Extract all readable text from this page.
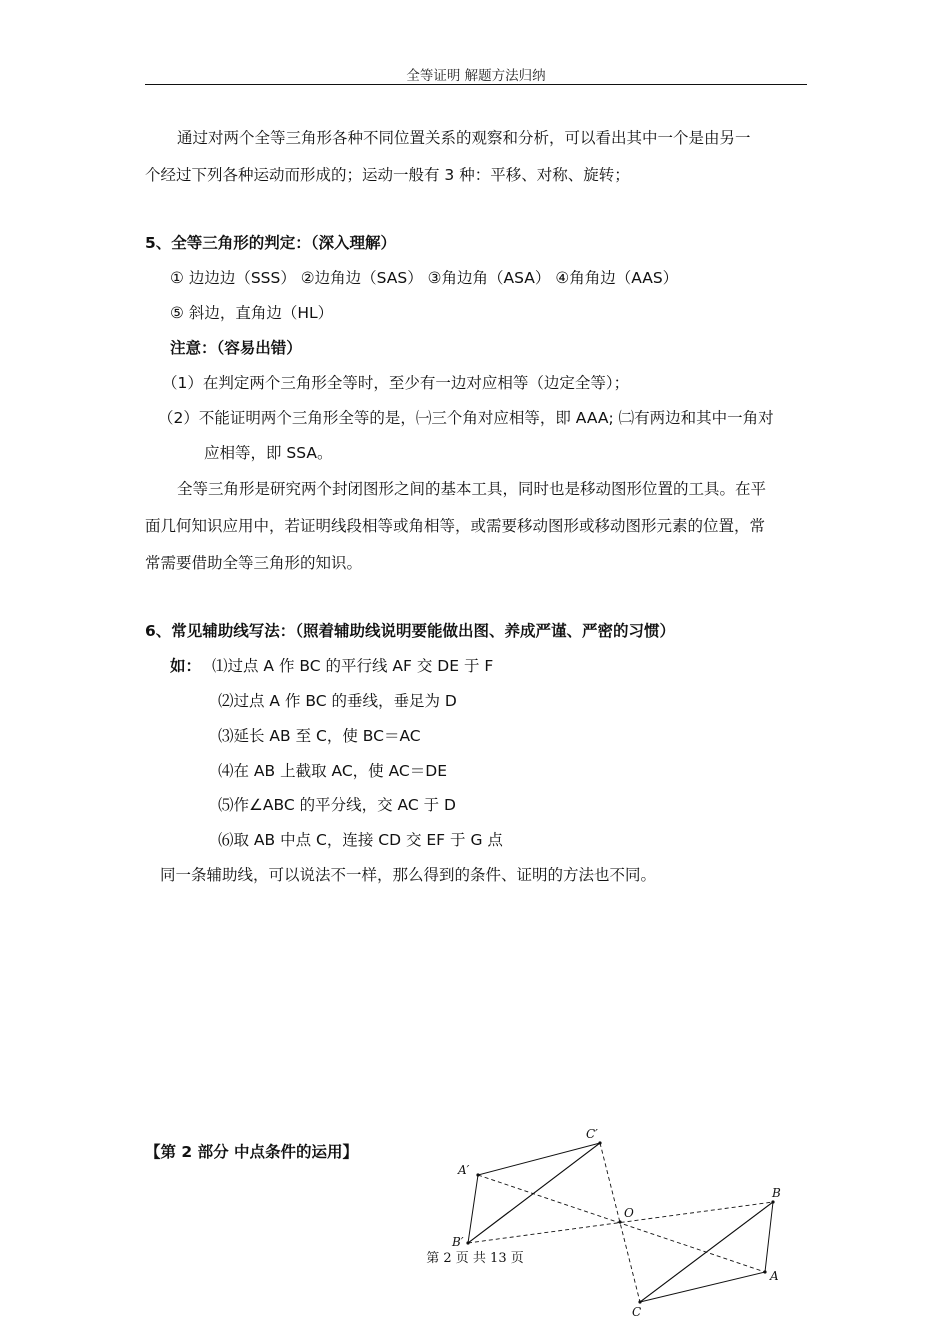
全等证明 解题方法归纳
通过对两个全等三角形各种不同位置关系的观察和分析，可以看出其中一个是由另一
个经过下列各种运动而形成的；运动一般有 3 种：平移、对称、旋转；
5、全等三角形的判定：（深入理解）
① 边边边（SSS） ②边角边（SAS） ③角边角（ASA） ④角角边（AAS）
⑤ 斜边，直角边（HL）
注意：（容易出错）
（1）在判定两个三角形全等时，至少有一边对应相等（边定全等）；
（2）不能证明两个三角形全等的是，㈠三个角对应相等，即 AAA; ㈡有两边和其中一角对
应相等，即 SSA。
全等三角形是研究两个封闭图形之间的基本工具，同时也是移动图形位置的工具。在平
面几何知识应用中，若证明线段相等或角相等，或需要移动图形或移动图形元素的位置，常
常需要借助全等三角形的知识。
6、常见辅助线写法：（照着辅助线说明要能做出图、养成严谨、严密的习惯）
如： ⑴过点 A 作 BC 的平行线 AF 交 DE 于 F
⑵过点 A 作 BC 的垂线，垂足为 D
⑶延长 AB 至 C，使 BC＝AC
⑷在 AB 上截取 AC，使 AC＝DE
⑸作∠ABC 的平分线，交 AC 于 D
⑹取 AB 中点 C，连接 CD 交 EF 于 G 点
同一条辅助线，可以说法不一样，那么得到的条件、证明的方法也不同。
【第 2 部分 中点条件的运用】
C′
A′
B′
O
B
A
C
第 2 页 共 13 页
